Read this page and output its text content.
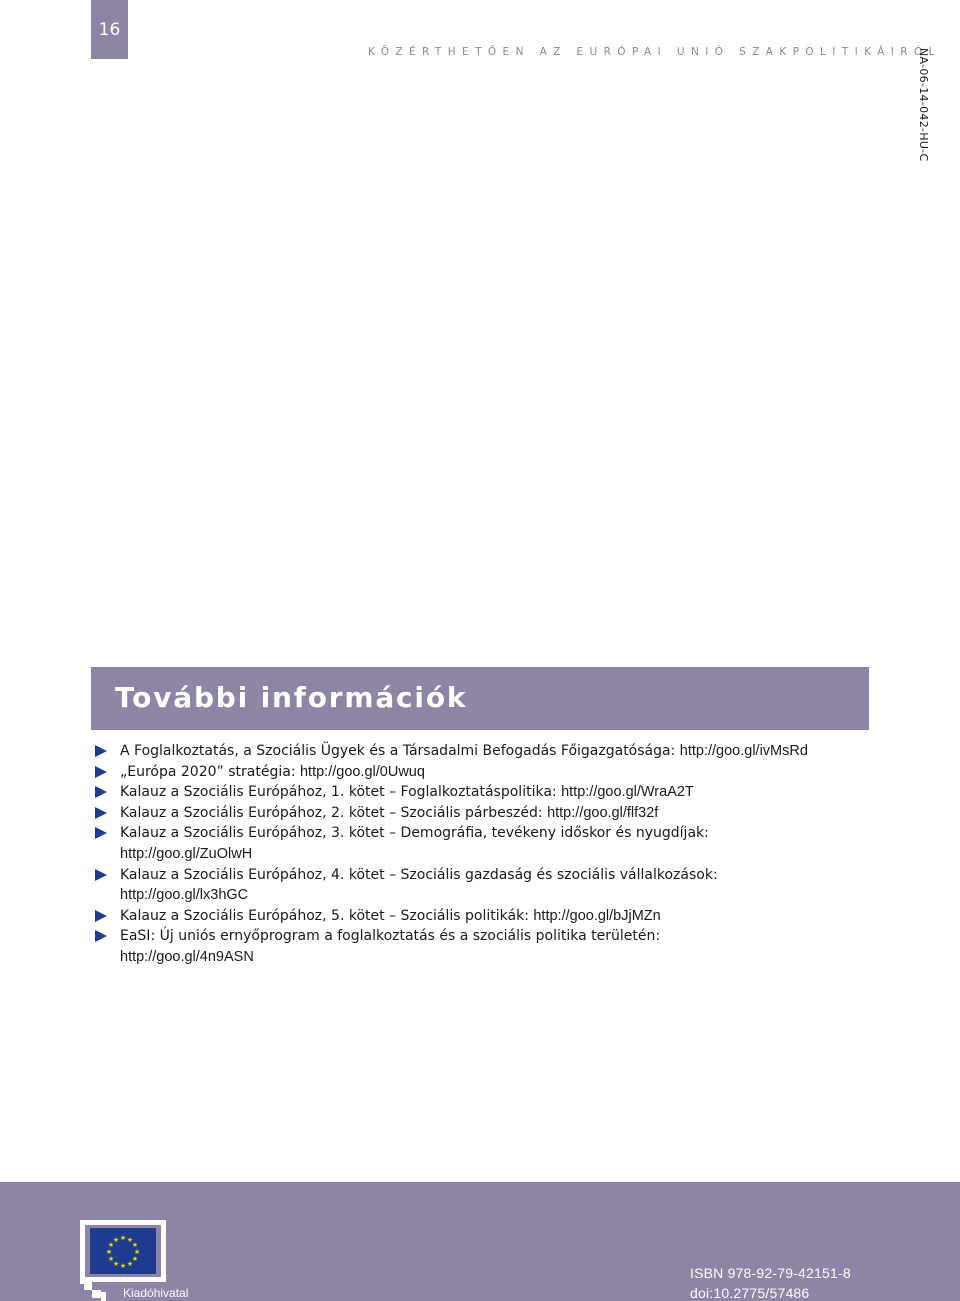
16
KÖZÉRTHETŐEN AZ EURÓPAI UNIÓ SZAKPOLITIKÁIRÓL
NA-06-14-042-HU-C
További információk
A Foglalkoztatás, a Szociális Ügyek és a Társadalmi Befogadás Főigazgatósága: http://goo.gl/ivMsRd
„Európa 2020” stratégia: http://goo.gl/0Uwuq
Kalauz a Szociális Európához, 1. kötet – Foglalkoztatáspolitika: http://goo.gl/WraA2T
Kalauz a Szociális Európához, 2. kötet – Szociális párbeszéd: http://goo.gl/flf32f
Kalauz a Szociális Európához, 3. kötet – Demográfia, tevékeny időskor és nyugdíjak:
http://goo.gl/ZuOlwH
Kalauz a Szociális Európához, 4. kötet – Szociális gazdaság és szociális vállalkozások:
http://goo.gl/lx3hGC
Kalauz a Szociális Európához, 5. kötet – Szociális politikák: http://goo.gl/bJjMZn
EaSI: Új uniós ernyőprogram a foglalkoztatás és a szociális politika területén:
http://goo.gl/4n9ASN
★ ★
★
★
★
★
★
★
★
★
★
★
Kiadóhivatal
ISBN 978-92-79-42151-8
doi:10.2775/57486
